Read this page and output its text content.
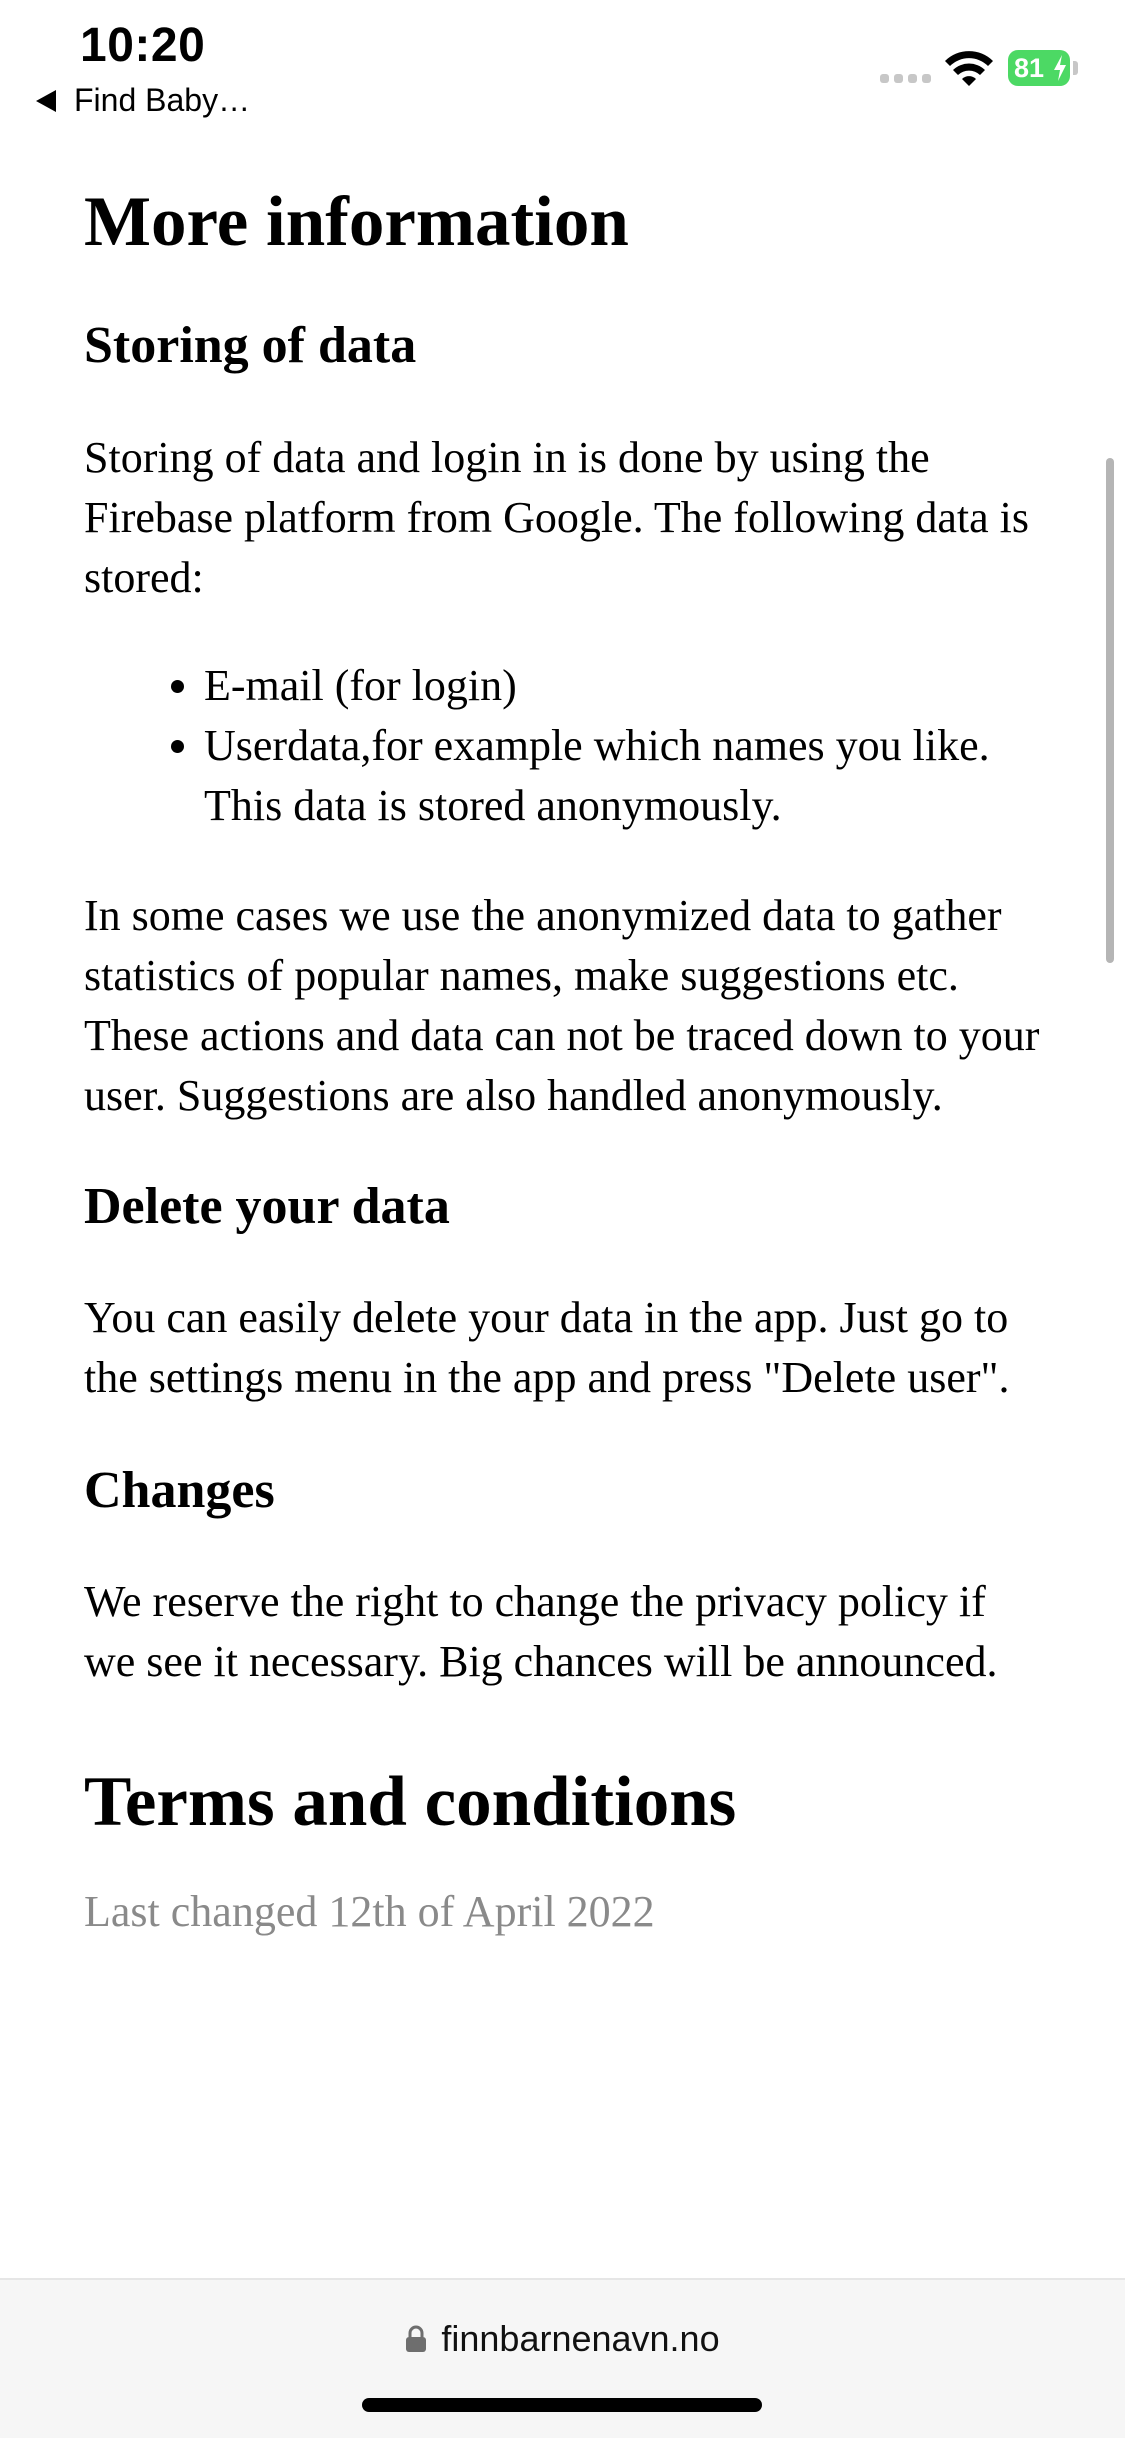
10:20
Find Baby…
81
More information
Storing of data

Storing of data and login in is done by using the Firebase platform from Google. The following data is stored:

• E-mail (for login)
• Userdata,for example which names you like. This data is stored anonymously.

In some cases we use the anonymized data to gather statistics of popular names, make suggestions etc. These actions and data can not be traced down to your user. Suggestions are also handled anonymously.

Delete your data

You can easily delete your data in the app. Just go to the settings menu in the app and press "Delete user".

Changes

We reserve the right to change the privacy policy if we see it necessary. Big chances will be announced.

Terms and conditions

Last changed 12th of April 2022

finnbarnenavn.no
